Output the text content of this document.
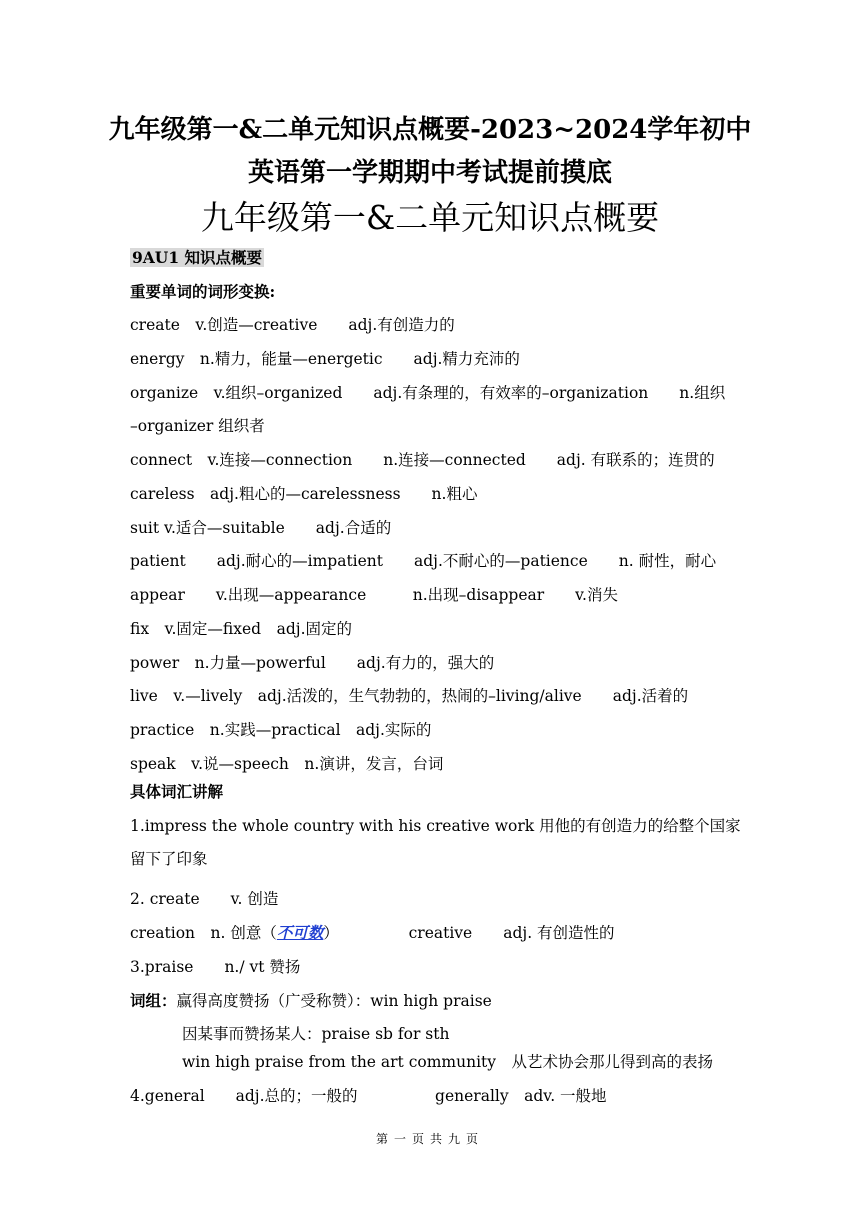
九年级第一&二单元知识点概要-2023~2024学年初中
英语第一学期期中考试提前摸底
九年级第一&二单元知识点概要
9AU1 知识点概要
重要单词的词形变换:
create　v.创造—creative　　adj.有创造力的
energy　n.精力，能量—energetic　　adj.精力充沛的
organize　v.组织–organized　　adj.有条理的，有效率的–organization　　n.组织
–organizer 组织者
connect　v.连接—connection　　n.连接—connected　　adj. 有联系的；连贯的
careless　adj.粗心的—carelessness　　n.粗心
suit v.适合—suitable　　adj.合适的
patient　　adj.耐心的—impatient　　adj.不耐心的—patience　　n. 耐性，耐心
appear　　v.出现—appearance　　　n.出现–disappear　　v.消失
fix　v.固定—fixed　adj.固定的
power　n.力量—powerful　　adj.有力的，强大的
live　v.—lively　adj.活泼的，生气勃勃的，热闹的–living/alive　　adj.活着的
practice　n.实践—practical　adj.实际的
speak　v.说—speech　n.演讲，发言，台词
具体词汇讲解
1.impress the whole country with his creative work 用他的有创造力的给整个国家
留下了印象
2. create　　v. 创造
creation　n. 创意（不可数）　　　　　creative　　adj. 有创造性的
3.praise　　n./ vt 赞扬
词组：赢得高度赞扬（广受称赞）：win high praise
因某事而赞扬某人：praise sb for sth
win high praise from the art community　从艺术协会那儿得到高的表扬
4.general　　adj.总的；一般的　　　　　generally　adv. 一般地
第一页共九页
